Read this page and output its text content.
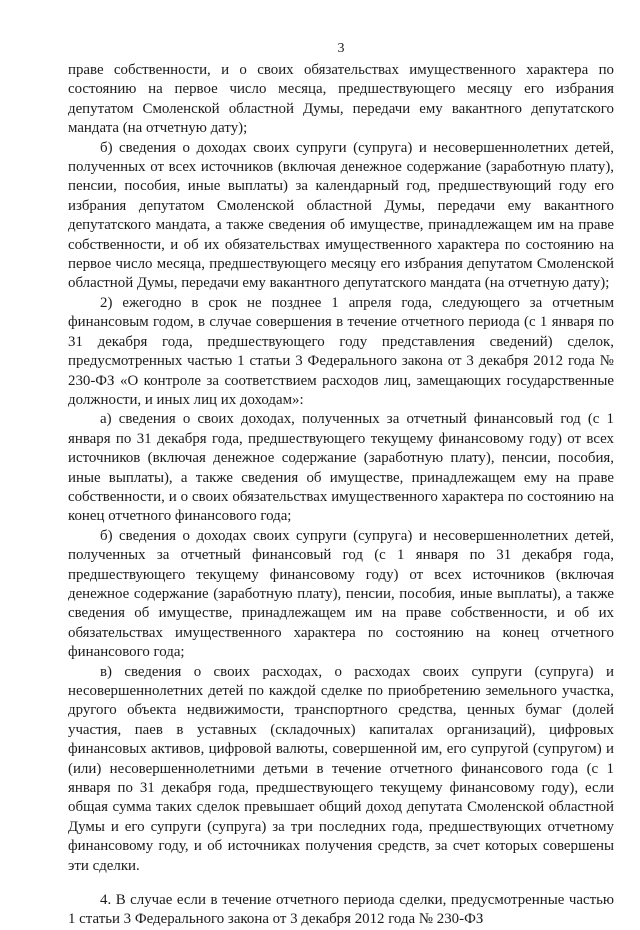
3

праве собственности, и о своих обязательствах имущественного характера по состоянию на первое число месяца, предшествующего месяцу его избрания депутатом Смоленской областной Думы, передачи ему вакантного депутатского мандата (на отчетную дату);

б) сведения о доходах своих супруги (супруга) и несовершеннолетних детей, полученных от всех источников (включая денежное содержание (заработную плату), пенсии, пособия, иные выплаты) за календарный год, предшествующий году его избрания депутатом Смоленской областной Думы, передачи ему вакантного депутатского мандата, а также сведения об имуществе, принадлежащем им на праве собственности, и об их обязательствах имущественного характера по состоянию на первое число месяца, предшествующего месяцу его избрания депутатом Смоленской областной Думы, передачи ему вакантного депутатского мандата (на отчетную дату);

2) ежегодно в срок не позднее 1 апреля года, следующего за отчетным финансовым годом, в случае совершения в течение отчетного периода (с 1 января по 31 декабря года, предшествующего году представления сведений) сделок, предусмотренных частью 1 статьи 3 Федерального закона от 3 декабря 2012 года № 230-ФЗ «О контроле за соответствием расходов лиц, замещающих государственные должности, и иных лиц их доходам»:

а) сведения о своих доходах, полученных за отчетный финансовый год (с 1 января по 31 декабря года, предшествующего текущему финансовому году) от всех источников (включая денежное содержание (заработную плату), пенсии, пособия, иные выплаты), а также сведения об имуществе, принадлежащем ему на праве собственности, и о своих обязательствах имущественного характера по состоянию на конец отчетного финансового года;

б) сведения о доходах своих супруги (супруга) и несовершеннолетних детей, полученных за отчетный финансовый год (с 1 января по 31 декабря года, предшествующего текущему финансовому году) от всех источников (включая денежное содержание (заработную плату), пенсии, пособия, иные выплаты), а также сведения об имуществе, принадлежащем им на праве собственности, и об их обязательствах имущественного характера по состоянию на конец отчетного финансового года;

в) сведения о своих расходах, о расходах своих супруги (супруга) и несовершеннолетних детей по каждой сделке по приобретению земельного участка, другого объекта недвижимости, транспортного средства, ценных бумаг (долей участия, паев в уставных (складочных) капиталах организаций), цифровых финансовых активов, цифровой валюты, совершенной им, его супругой (супругом) и (или) несовершеннолетними детьми в течение отчетного финансового года (с 1 января по 31 декабря года, предшествующего текущему финансовому году), если общая сумма таких сделок превышает общий доход депутата Смоленской областной Думы и его супруги (супруга) за три последних года, предшествующих отчетному финансовому году, и об источниках получения средств, за счет которых совершены эти сделки.

4. В случае если в течение отчетного периода сделки, предусмотренные частью 1 статьи 3 Федерального закона от 3 декабря 2012 года № 230-ФЗ
